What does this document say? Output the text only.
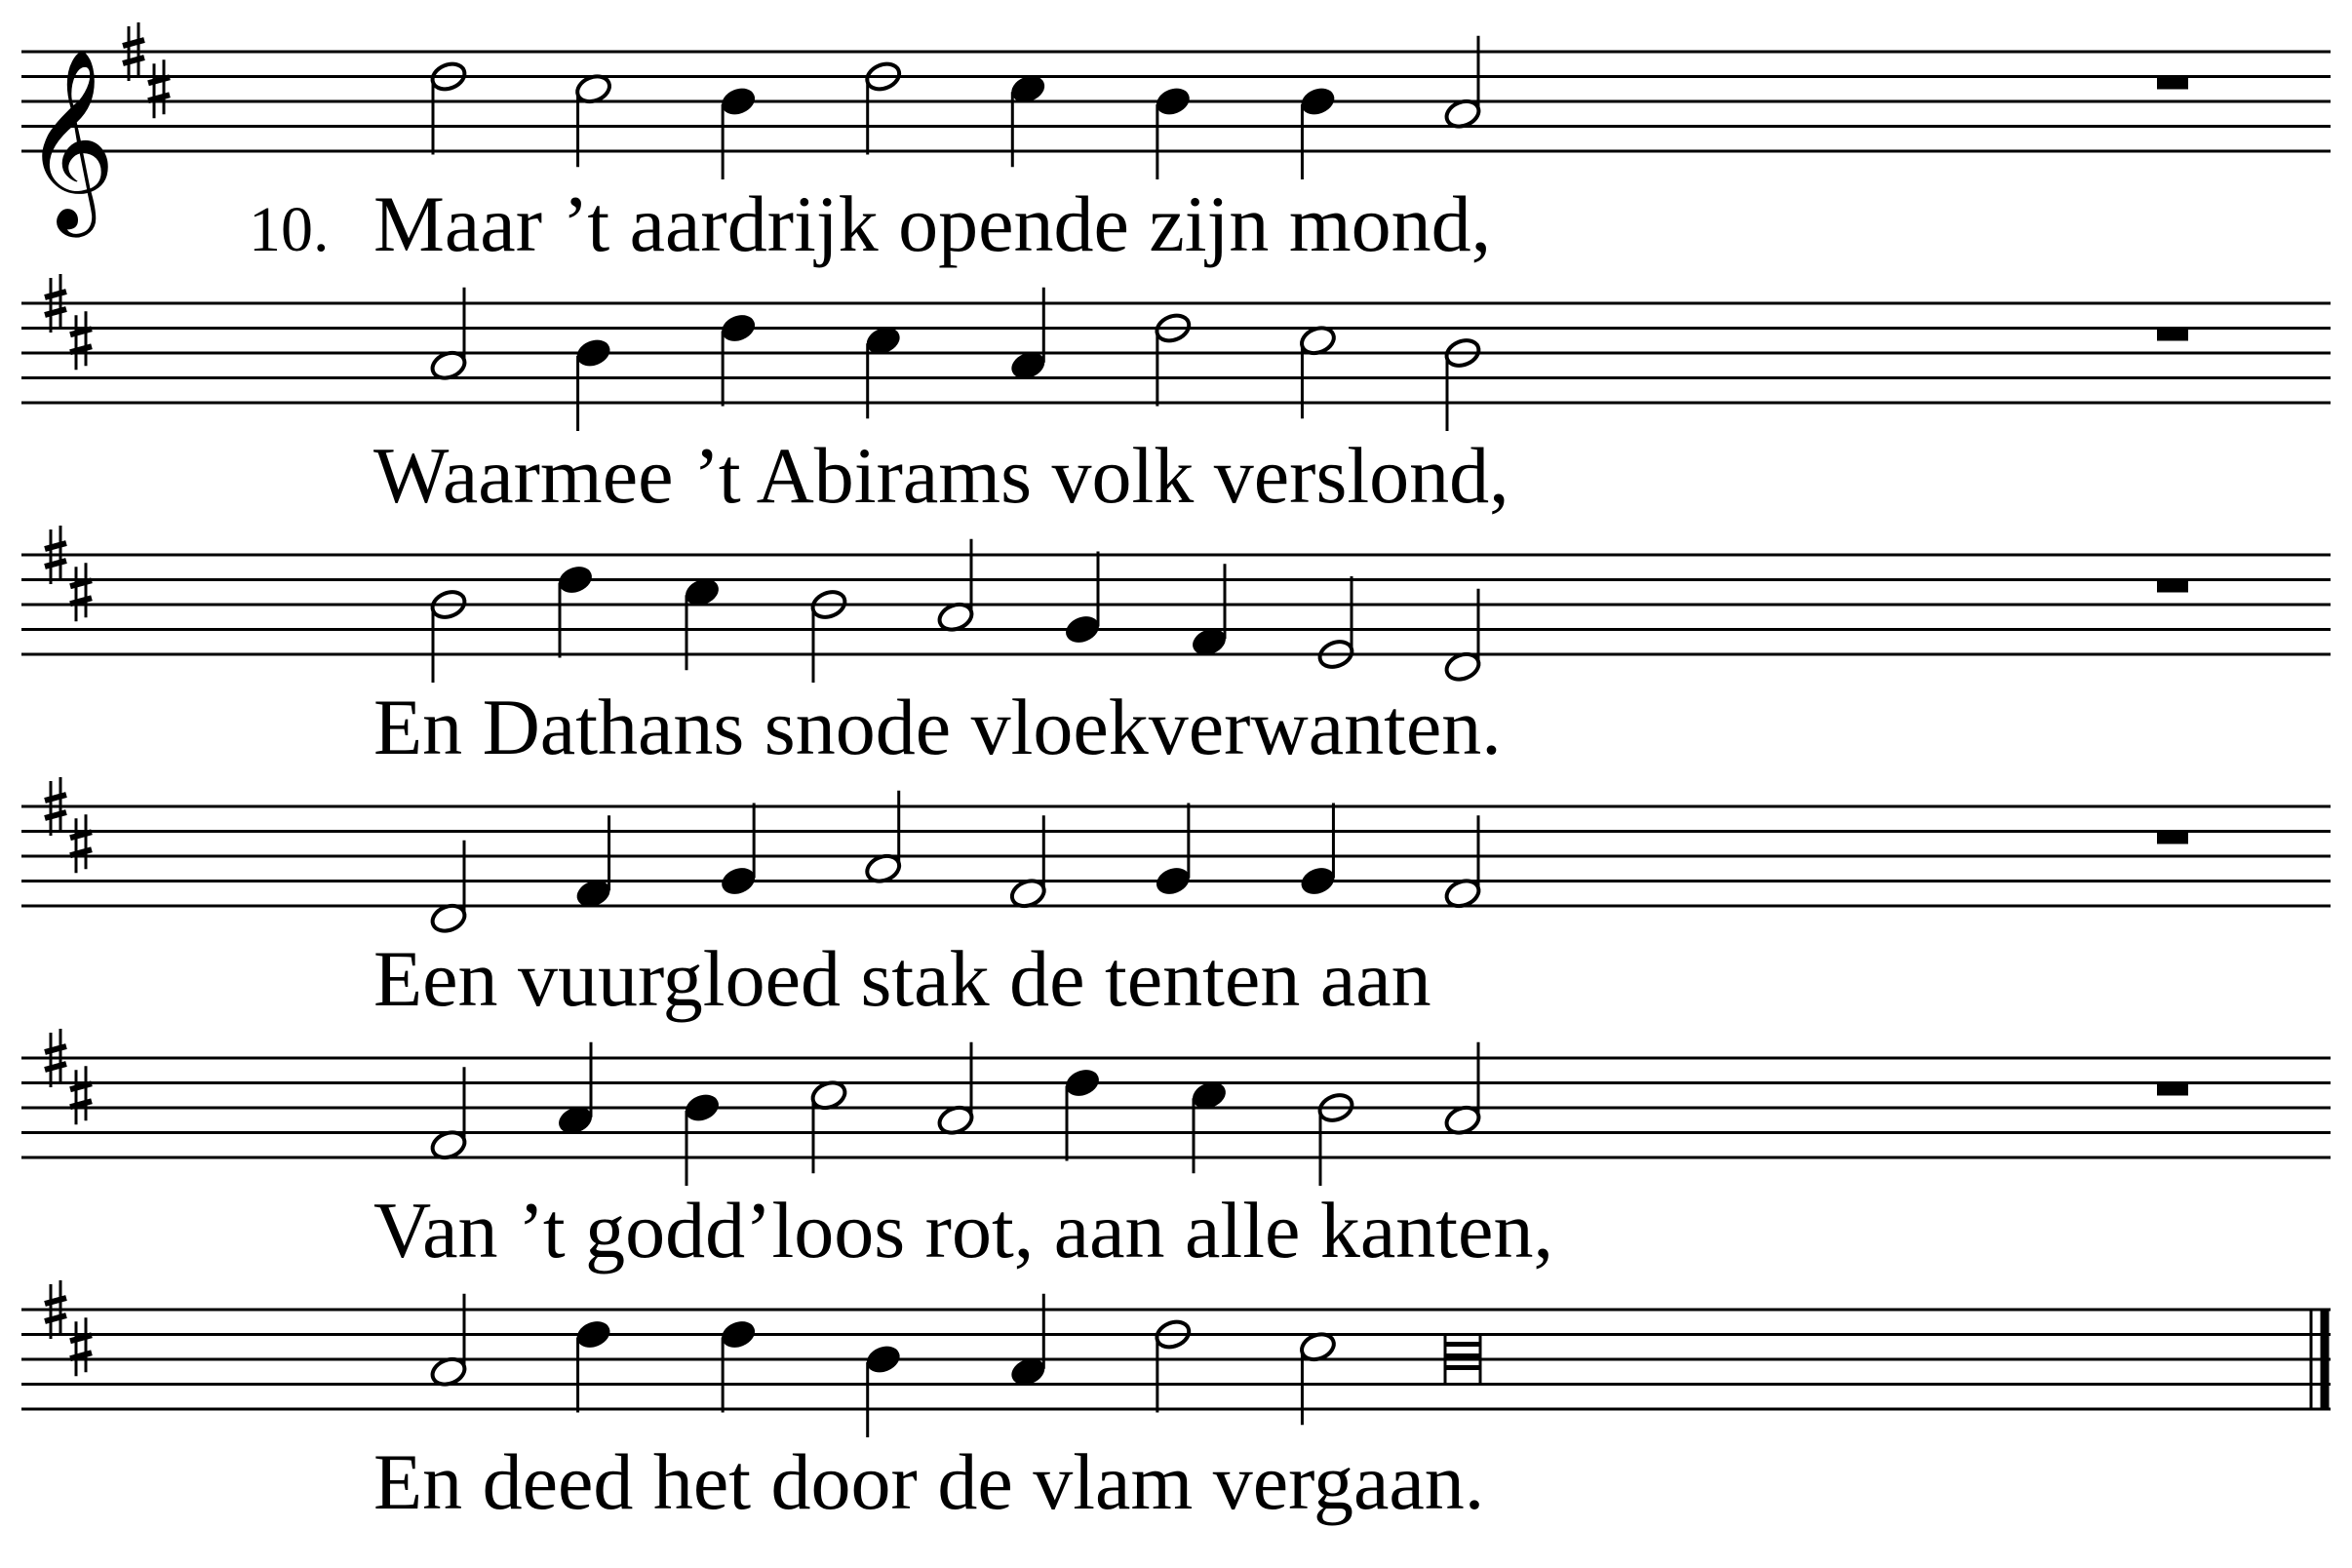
𝄞
10. Maar ’t aardrijk opende zijn mond,
Waarmee ’t Abirams volk verslond,
En Dathans snode vloekverwanten.
Een vuurgloed stak de tenten aan
Van ’t godd’loos rot, aan alle kanten,
En deed het door de vlam vergaan.
